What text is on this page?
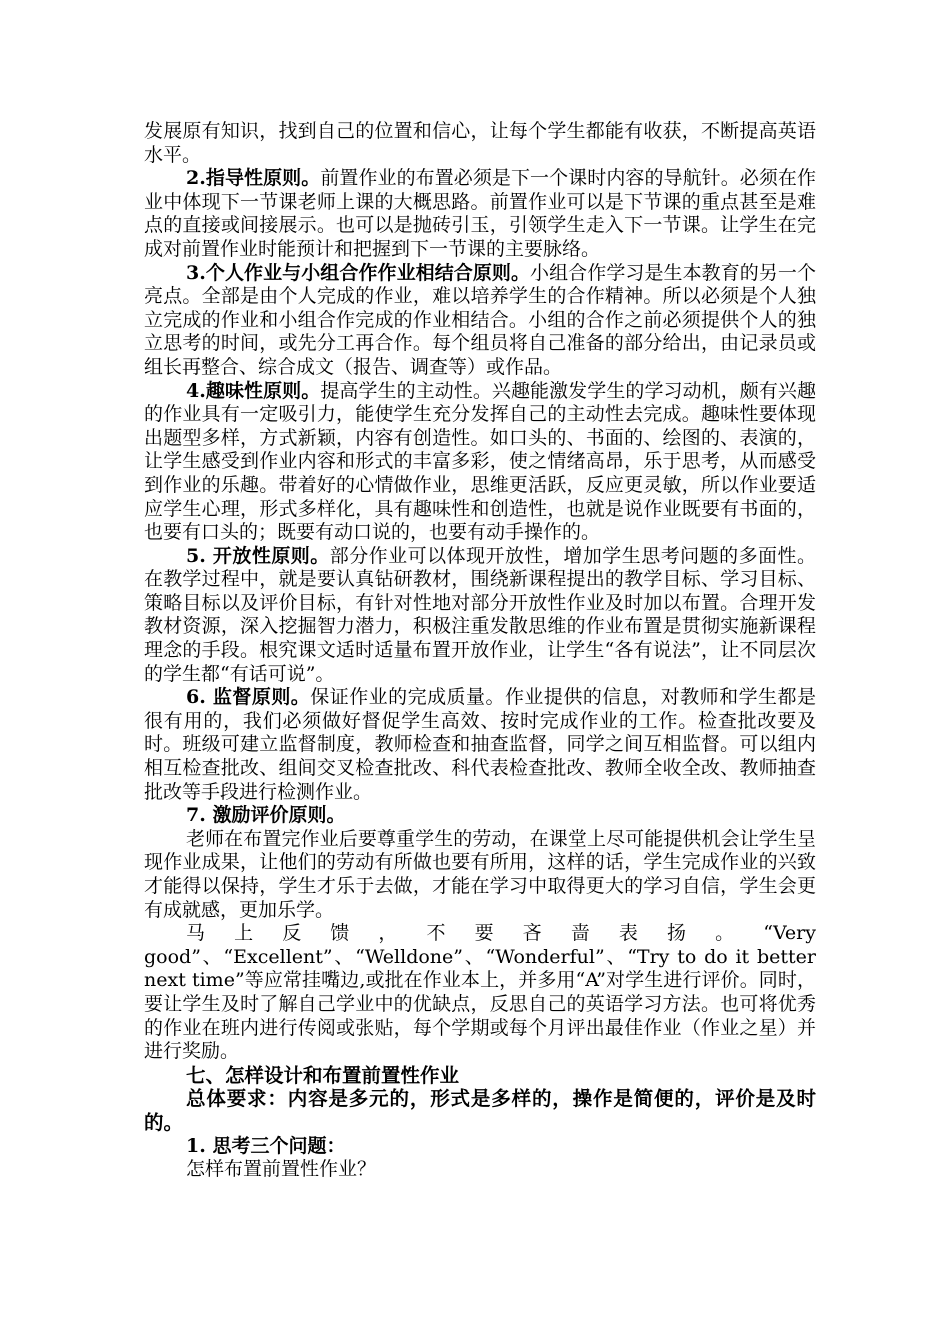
发展原有知识，找到自己的位置和信心，让每个学生都能有收获，不断提高英语水平。

2.指导性原则。前置作业的布置必须是下一个课时内容的导航针。必须在作业中体现下一节课老师上课的大概思路。前置作业可以是下节课的重点甚至是难点的直接或间接展示。也可以是抛砖引玉，引领学生走入下一节课。让学生在完成对前置作业时能预计和把握到下一节课的主要脉络。

3.个人作业与小组合作作业相结合原则。小组合作学习是生本教育的另一个亮点。全部是由个人完成的作业，难以培养学生的合作精神。所以必须是个人独立完成的作业和小组合作完成的作业相结合。小组的合作之前必须提供个人的独立思考的时间，或先分工再合作。每个组员将自己准备的部分给出，由记录员或组长再整合、综合成文（报告、调查等）或作品。

4.趣味性原则。提高学生的主动性。兴趣能激发学生的学习动机，颇有兴趣的作业具有一定吸引力，能使学生充分发挥自己的主动性去完成。趣味性要体现出题型多样，方式新颖，内容有创造性。如口头的、书面的、绘图的、表演的，让学生感受到作业内容和形式的丰富多彩，使之情绪高昂，乐于思考，从而感受到作业的乐趣。带着好的心情做作业，思维更活跃，反应更灵敏，所以作业要适应学生心理，形式多样化，具有趣味性和创造性，也就是说作业既要有书面的，也要有口头的；既要有动口说的，也要有动手操作的。

5. 开放性原则。部分作业可以体现开放性，增加学生思考问题的多面性。在教学过程中，就是要认真钻研教材，围绕新课程提出的教学目标、学习目标、策略目标以及评价目标，有针对性地对部分开放性作业及时加以布置。合理开发教材资源，深入挖掘智力潜力，积极注重发散思维的作业布置是贯彻实施新课程理念的手段。根究课文适时适量布置开放作业，让学生“各有说法”，让不同层次的学生都“有话可说”。

6. 监督原则。保证作业的完成质量。作业提供的信息，对教师和学生都是很有用的，我们必须做好督促学生高效、按时完成作业的工作。检查批改要及时。班级可建立监督制度，教师检查和抽查监督，同学之间互相监督。可以组内相互检查批改、组间交叉检查批改、科代表检查批改、教师全收全改、教师抽查批改等手段进行检测作业。

7. 激励评价原则。

老师在布置完作业后要尊重学生的劳动，在课堂上尽可能提供机会让学生呈现作业成果，让他们的劳动有所做也要有所用，这样的话，学生完成作业的兴致才能得以保持，学生才乐于去做，才能在学习中取得更大的学习自信，学生会更有成就感，更加乐学。

马上反馈，不要吝啬表扬。“Very good”、“Excellent”、“Welldone”、“Wonderful”、“Try to do it better next time”等应常挂嘴边,或批在作业本上，并多用“A”对学生进行评价。同时，要让学生及时了解自己学业中的优缺点，反思自己的英语学习方法。也可将优秀的作业在班内进行传阅或张贴，每个学期或每个月评出最佳作业（作业之星）并进行奖励。

七、怎样设计和布置前置性作业

总体要求：内容是多元的，形式是多样的，操作是简便的，评价是及时的。

1. 思考三个问题：

怎样布置前置性作业？
